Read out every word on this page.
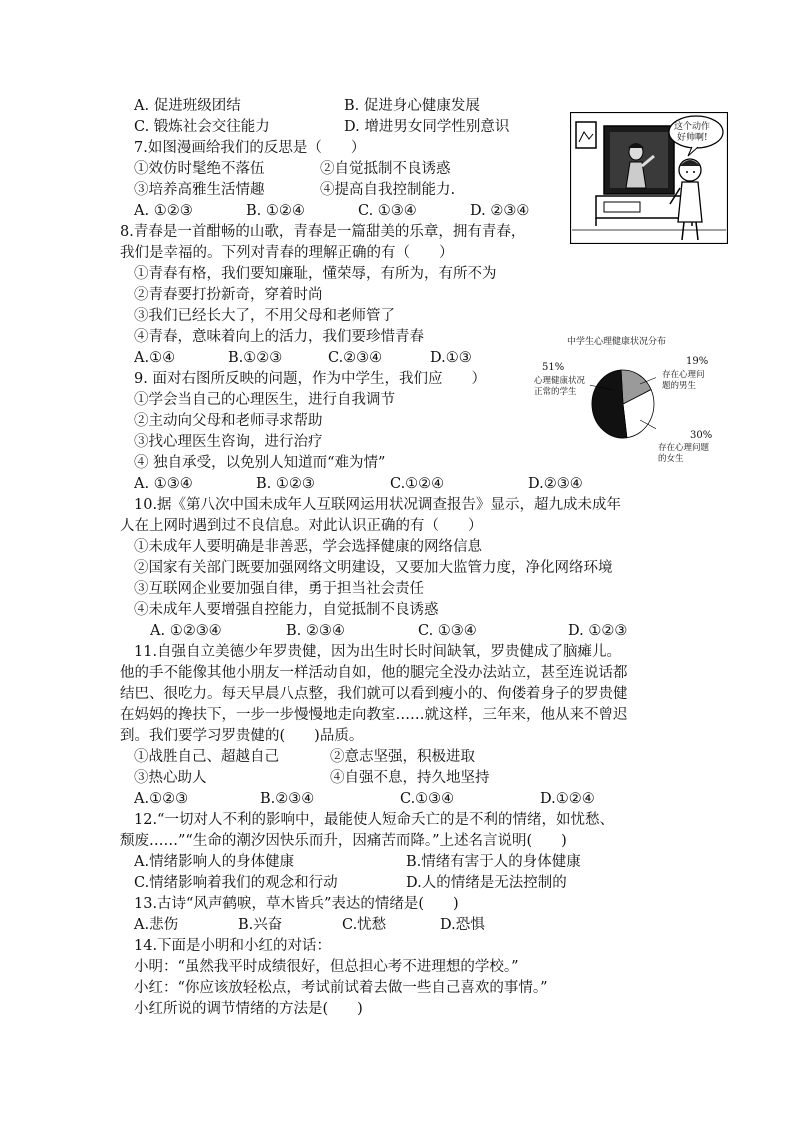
A. 促进班级团结	B. 促进身心健康发展
C. 锻炼社会交往能力	D. 增进男女同学性别意识
7.如图漫画给我们的反思是（　　）
①效仿时髦绝不落伍	②自觉抵制不良诱惑
③培养高雅生活情趣	④提高自我控制能力.
A. ①②③	B. ①②④	C. ①③④	D. ②③④
8.青春是一首酣畅的山歌，青春是一篇甜美的乐章，拥有青春，
我们是幸福的。下列对青春的理解正确的有（　　）
①青春有格，我们要知廉耻，懂荣辱，有所为，有所不为
②青春要打扮新奇，穿着时尚
③我们已经长大了，不用父母和老师管了
④青春，意味着向上的活力，我们要珍惜青春
A.①④	B.①②③	C.②③④	D.①③
9. 面对右图所反映的问题，作为中学生，我们应　　）
①学会当自己的心理医生，进行自我调节
②主动向父母和老师寻求帮助
③找心理医生咨询，进行治疗
④ 独自承受，以免别人知道而“难为情”
A. ①③④	B. ①②③	C.①②④	D.②③④
10.据《第八次中国未成年人互联网运用状况调查报告》显示，超九成未成年
人在上网时遇到过不良信息。对此认识正确的有（　　）
①未成年人要明确是非善恶，学会选择健康的网络信息
②国家有关部门既要加强网络文明建设，又要加大监管力度，净化网络环境
③互联网企业要加强自律，勇于担当社会责任
④未成年人要增强自控能力，自觉抵制不良诱惑
A. ①②③④	B. ②③④	C. ①③④	D. ①②③
11.自强自立美德少年罗贵健，因为出生时长时间缺氧，罗贵健成了脑瘫儿。
他的手不能像其他小朋友一样活动自如，他的腿完全没办法站立，甚至连说话都
结巴、很吃力。每天早晨八点整，我们就可以看到瘦小的、佝偻着身子的罗贵健
在妈妈的搀扶下，一步一步慢慢地走向教室……就这样，三年来，他从来不曾迟
到。我们要学习罗贵健的(　　)品质。
①战胜自己、超越自己	②意志坚强，积极进取
③热心助人	④自强不息，持久地坚持
A.①②③	B.②③④	C.①③④	D.①②④
12.“一切对人不利的影响中，最能使人短命夭亡的是不利的情绪，如忧愁、
颓废……”“生命的潮汐因快乐而升，因痛苦而降。”上述名言说明(　　)
A.情绪影响人的身体健康	B.情绪有害于人的身体健康
C.情绪影响着我们的观念和行动	D.人的情绪是无法控制的
13.古诗“风声鹤唳，草木皆兵”表达的情绪是(　　)
A.悲伤	B.兴奋	C.忧愁	D.恐惧
14.下面是小明和小红的对话：
小明：“虽然我平时成绩很好，但总担心考不进理想的学校。”
小红：“你应该放轻松点，考试前试着去做一些自己喜欢的事情。”
小红所说的调节情绪的方法是(　　)
这个动作
好帅啊!
中学生心理健康状况分布
51%
心理健康状况
正常的学生
19%
存在心理问
题的男生
30%
存在心理问题
的女生
